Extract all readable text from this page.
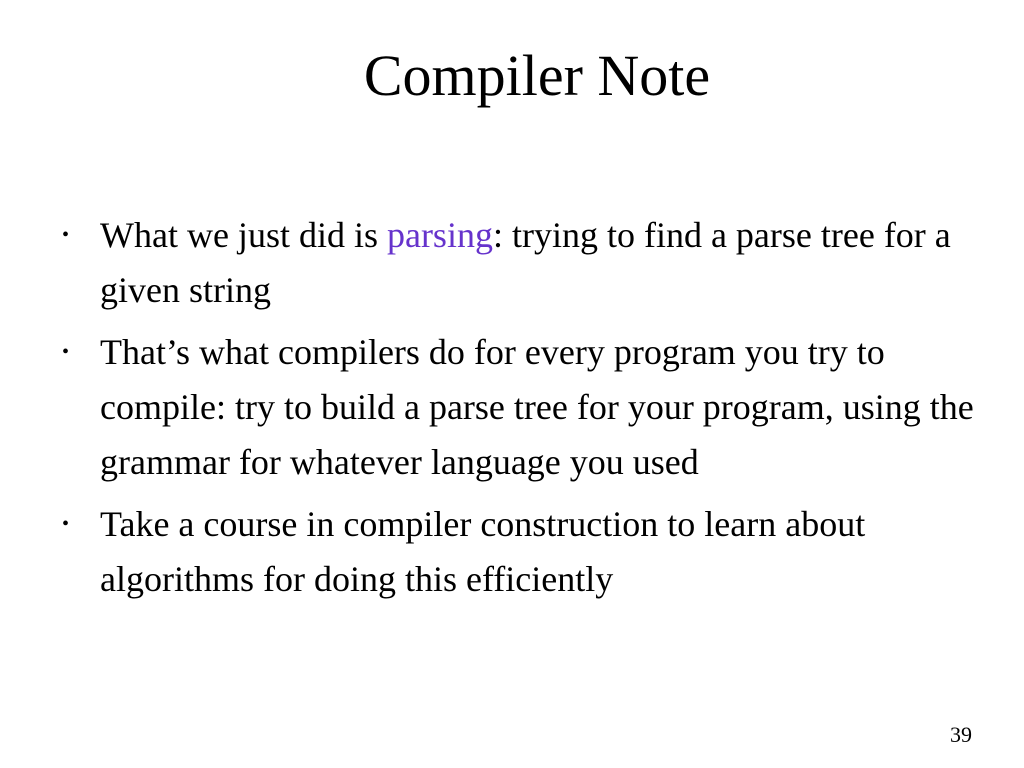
Compiler Note
• What we just did is parsing: trying to find a parse tree for a given string
• That’s what compilers do for every program you try to compile: try to build a parse tree for your program, using the grammar for whatever language you used
• Take a course in compiler construction to learn about algorithms for doing this efficiently
39
